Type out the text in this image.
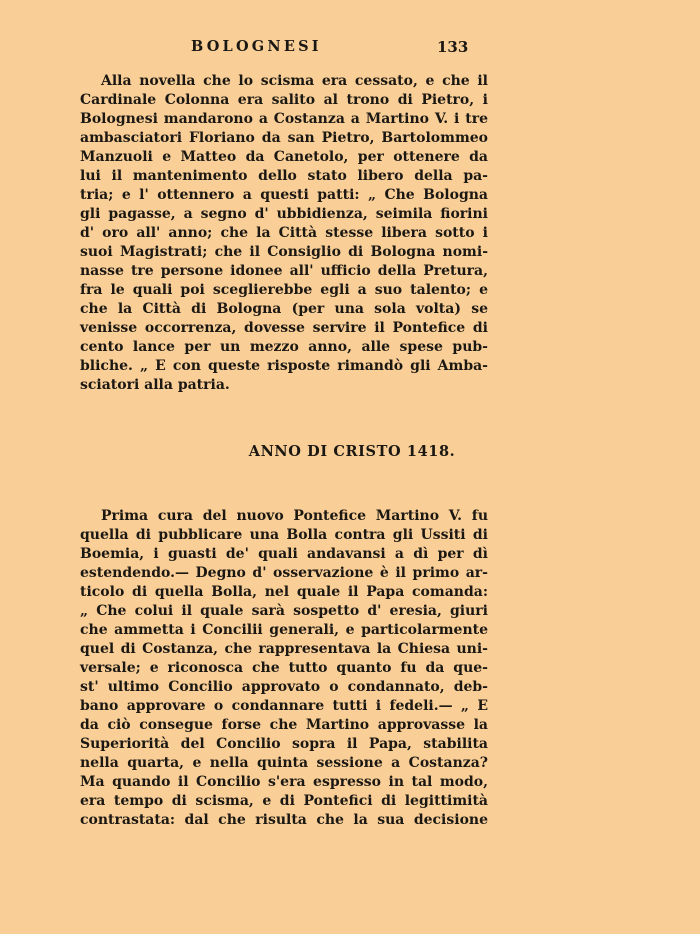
BOLOGNESI	133
Alla novella che lo scisma era cessato, e che il
Cardinale Colonna era salito al trono di Pietro, i
Bolognesi mandarono a Costanza a Martino V. i tre
ambasciatori Floriano da san Pietro, Bartolommeo
Manzuoli e Matteo da Canetolo, per ottenere da
lui il mantenimento dello stato libero della pa-
tria; e l' ottennero a questi patti: „ Che Bologna
gli pagasse, a segno d' ubbidienza, seimila fiorini
d' oro all' anno; che la Città stesse libera sotto i
suoi Magistrati; che il Consiglio di Bologna nomi-
nasse tre persone idonee all' ufficio della Pretura,
fra le quali poi sceglierebbe egli a suo talento; e
che la Città di Bologna (per una sola volta) se
venisse occorrenza, dovesse servire il Pontefice di
cento lance per un mezzo anno, alle spese pub-
bliche. „ E con queste risposte rimandò gli Amba-
sciatori alla patria.
ANNO DI CRISTO 1418.
Prima cura del nuovo Pontefice Martino V. fu
quella di pubblicare una Bolla contra gli Ussiti di
Boemia, i guasti de' quali andavansi a dì per dì
estendendo.— Degno d' osservazione è il primo ar-
ticolo di quella Bolla, nel quale il Papa comanda:
„ Che colui il quale sarà sospetto d' eresia, giuri
che ammetta i Concilii generali, e particolarmente
quel di Costanza, che rappresentava la Chiesa uni-
versale; e riconosca che tutto quanto fu da que-
st' ultimo Concilio approvato o condannato, deb-
bano approvare o condannare tutti i fedeli.— „ E
da ciò consegue forse che Martino approvasse la
Superiorità del Concilio sopra il Papa, stabilita
nella quarta, e nella quinta sessione a Costanza?
Ma quando il Concilio s'era espresso in tal modo,
era tempo di scisma, e di Pontefici di legittimità
contrastata: dal che risulta che la sua decisione
